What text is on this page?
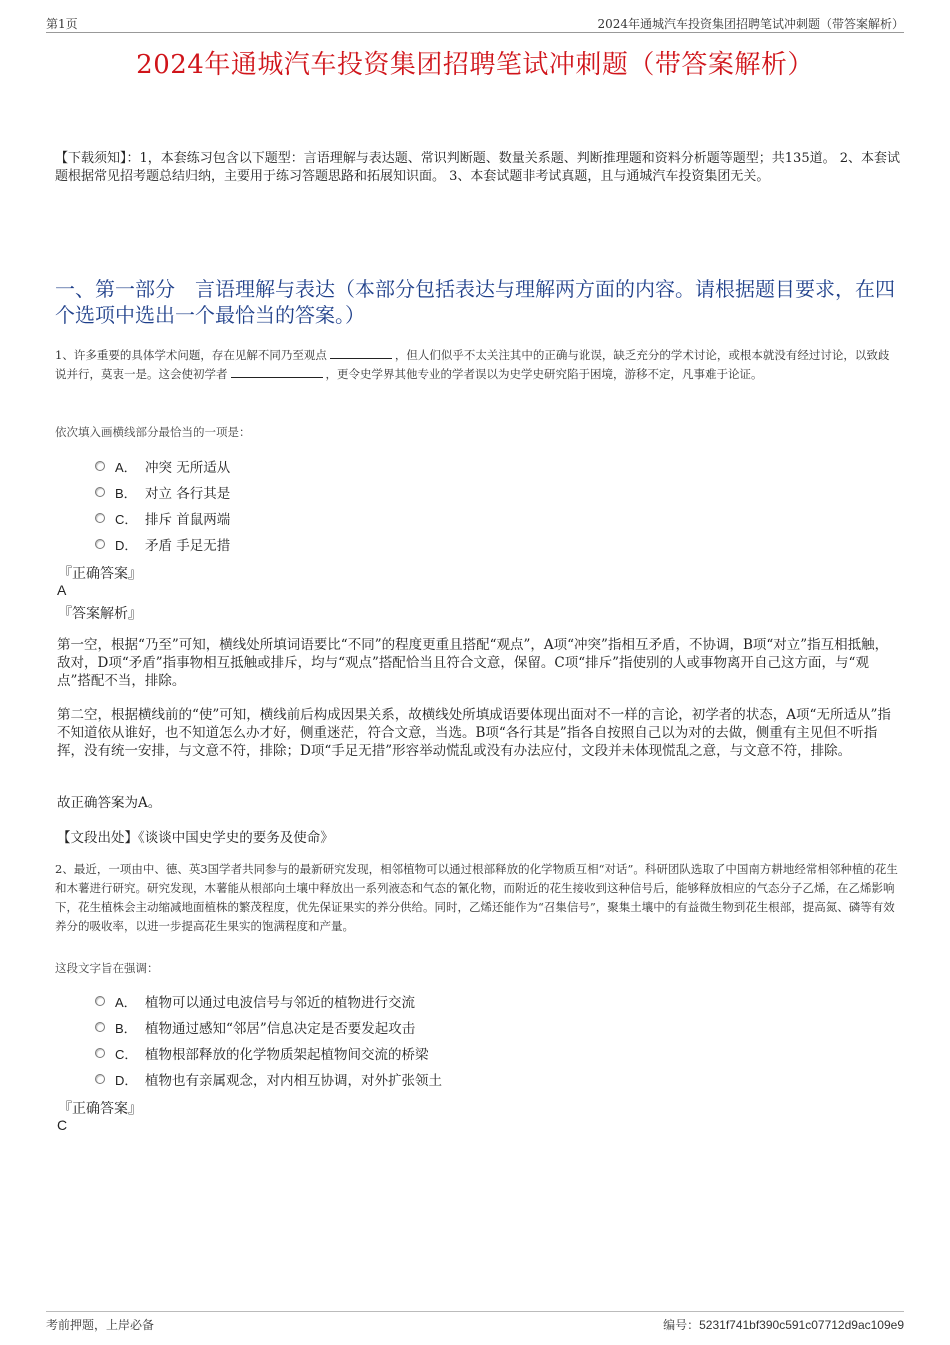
第1页	2024年通城汽车投资集团招聘笔试冲刺题（带答案解析）
2024年通城汽车投资集团招聘笔试冲刺题（带答案解析）
【下载须知】：1，本套练习包含以下题型：言语理解与表达题、常识判断题、数量关系题、判断推理题和资料分析题等题型；共135道。 2、本套试题根据常见招考题总结归纳，主要用于练习答题思路和拓展知识面。 3、本套试题非考试真题，且与通城汽车投资集团无关。
一、第一部分　言语理解与表达（本部分包括表达与理解两方面的内容。请根据题目要求，在四个选项中选出一个最恰当的答案。）
1、许多重要的具体学术问题，存在见解不同乃至观点	，但人们似乎不太关注其中的正确与讹误，缺乏充分的学术讨论，或根本就没有经过讨论，以致歧说并行，莫衷一是。这会使初学者	，更令史学界其他专业的学者误以为史学史研究陷于困境，游移不定，凡事难于论证。
依次填入画横线部分最恰当的一项是：
A． 冲突 无所适从
B． 对立 各行其是
C． 排斥 首鼠两端
D． 矛盾 手足无措
『正确答案』
A
『答案解析』
第一空，根据“乃至”可知，横线处所填词语要比“不同”的程度更重且搭配“观点”，A项“冲突”指相互矛盾，不协调，B项“对立”指互相抵触，敌对，D项“矛盾”指事物相互抵触或排斥，均与“观点”搭配恰当且符合文意，保留。C项“排斥”指使别的人或事物离开自己这方面，与“观点”搭配不当，排除。
第二空，根据横线前的“使”可知，横线前后构成因果关系，故横线处所填成语要体现出面对不一样的言论，初学者的状态，A项“无所适从”指不知道依从谁好，也不知道怎么办才好，侧重迷茫，符合文意，当选。B项“各行其是”指各自按照自己以为对的去做，侧重有主见但不听指挥，没有统一安排，与文意不符，排除；D项“手足无措”形容举动慌乱或没有办法应付，文段并未体现慌乱之意，与文意不符，排除。
故正确答案为A。
【文段出处】《谈谈中国史学史的要务及使命》
2、最近，一项由中、德、英3国学者共同参与的最新研究发现，相邻植物可以通过根部释放的化学物质互相“对话”。科研团队选取了中国南方耕地经常相邻种植的花生和木薯进行研究。研究发现，木薯能从根部向土壤中释放出一系列液态和气态的氰化物，而附近的花生接收到这种信号后，能够释放相应的气态分子乙烯，在乙烯影响下，花生植株会主动缩减地面植株的繁茂程度，优先保证果实的养分供给。同时，乙烯还能作为“召集信号”，聚集土壤中的有益微生物到花生根部，提高氮、磷等有效养分的吸收率，以进一步提高花生果实的饱满程度和产量。
这段文字旨在强调：
A． 植物可以通过电波信号与邻近的植物进行交流
B． 植物通过感知“邻居”信息决定是否要发起攻击
C． 植物根部释放的化学物质架起植物间交流的桥梁
D． 植物也有亲属观念，对内相互协调，对外扩张领土
『正确答案』
C
考前押题，上岸必备	编号：5231f741bf390c591c07712d9ac109e9
